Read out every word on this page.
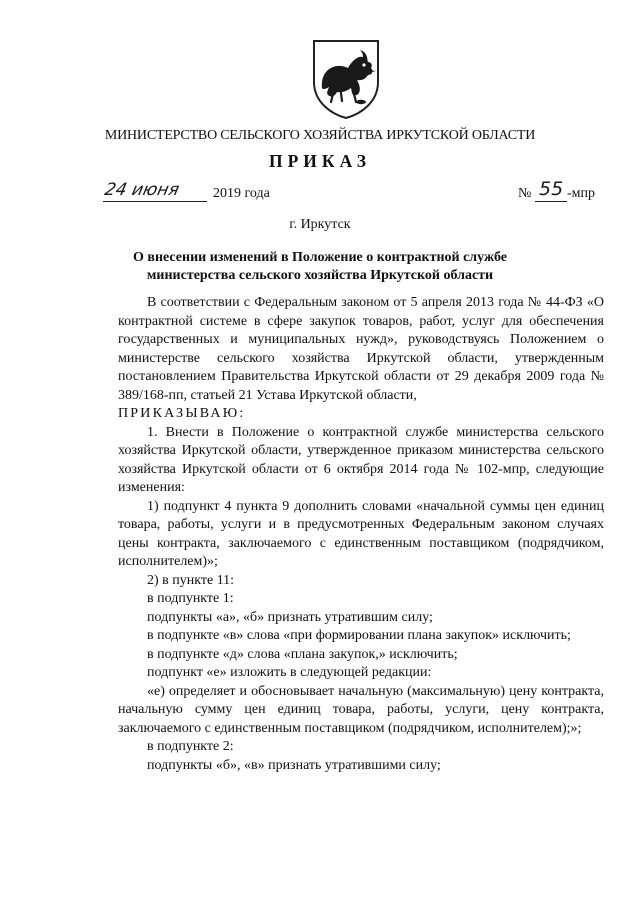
МИНИСТЕРСТВО СЕЛЬСКОГО ХОЗЯЙСТВА ИРКУТСКОЙ ОБЛАСТИ
ПРИКАЗ
24 июня 2019 года	№ 55 -мпр
г. Иркутск
О внесении изменений в Положение о контрактной службе
министерства сельского хозяйства Иркутской области

В соответствии с Федеральным законом от 5 апреля 2013 года № 44-ФЗ «О контрактной системе в сфере закупок товаров, работ, услуг для обеспечения государственных и муниципальных нужд», руководствуясь Положением о министерстве сельского хозяйства Иркутской области, утвержденным постановлением Правительства Иркутской области от 29 декабря 2009 года № 389/168-пп, статьей 21 Устава Иркутской области,

ПРИКАЗЫВАЮ:

1. Внести в Положение о контрактной службе министерства сельского хозяйства Иркутской области, утвержденное приказом министерства сельского хозяйства Иркутской области от 6 октября 2014 года № 102-мпр, следующие изменения:

1) подпункт 4 пункта 9 дополнить словами «начальной суммы цен единиц товара, работы, услуги и в предусмотренных Федеральным законом случаях цены контракта, заключаемого с единственным поставщиком (подрядчиком, исполнителем)»;

2) в пункте 11:

в подпункте 1:

подпункты «а», «б» признать утратившим силу;

в подпункте «в» слова «при формировании плана закупок» исключить;

в подпункте «д» слова «плана закупок,» исключить;

подпункт «е» изложить в следующей редакции:

«е) определяет и обосновывает начальную (максимальную) цену контракта, начальную сумму цен единиц товара, работы, услуги, цену контракта, заключаемого с единственным поставщиком (подрядчиком, исполнителем);»;

в подпункте 2:

подпункты «б», «в» признать утратившими силу;
